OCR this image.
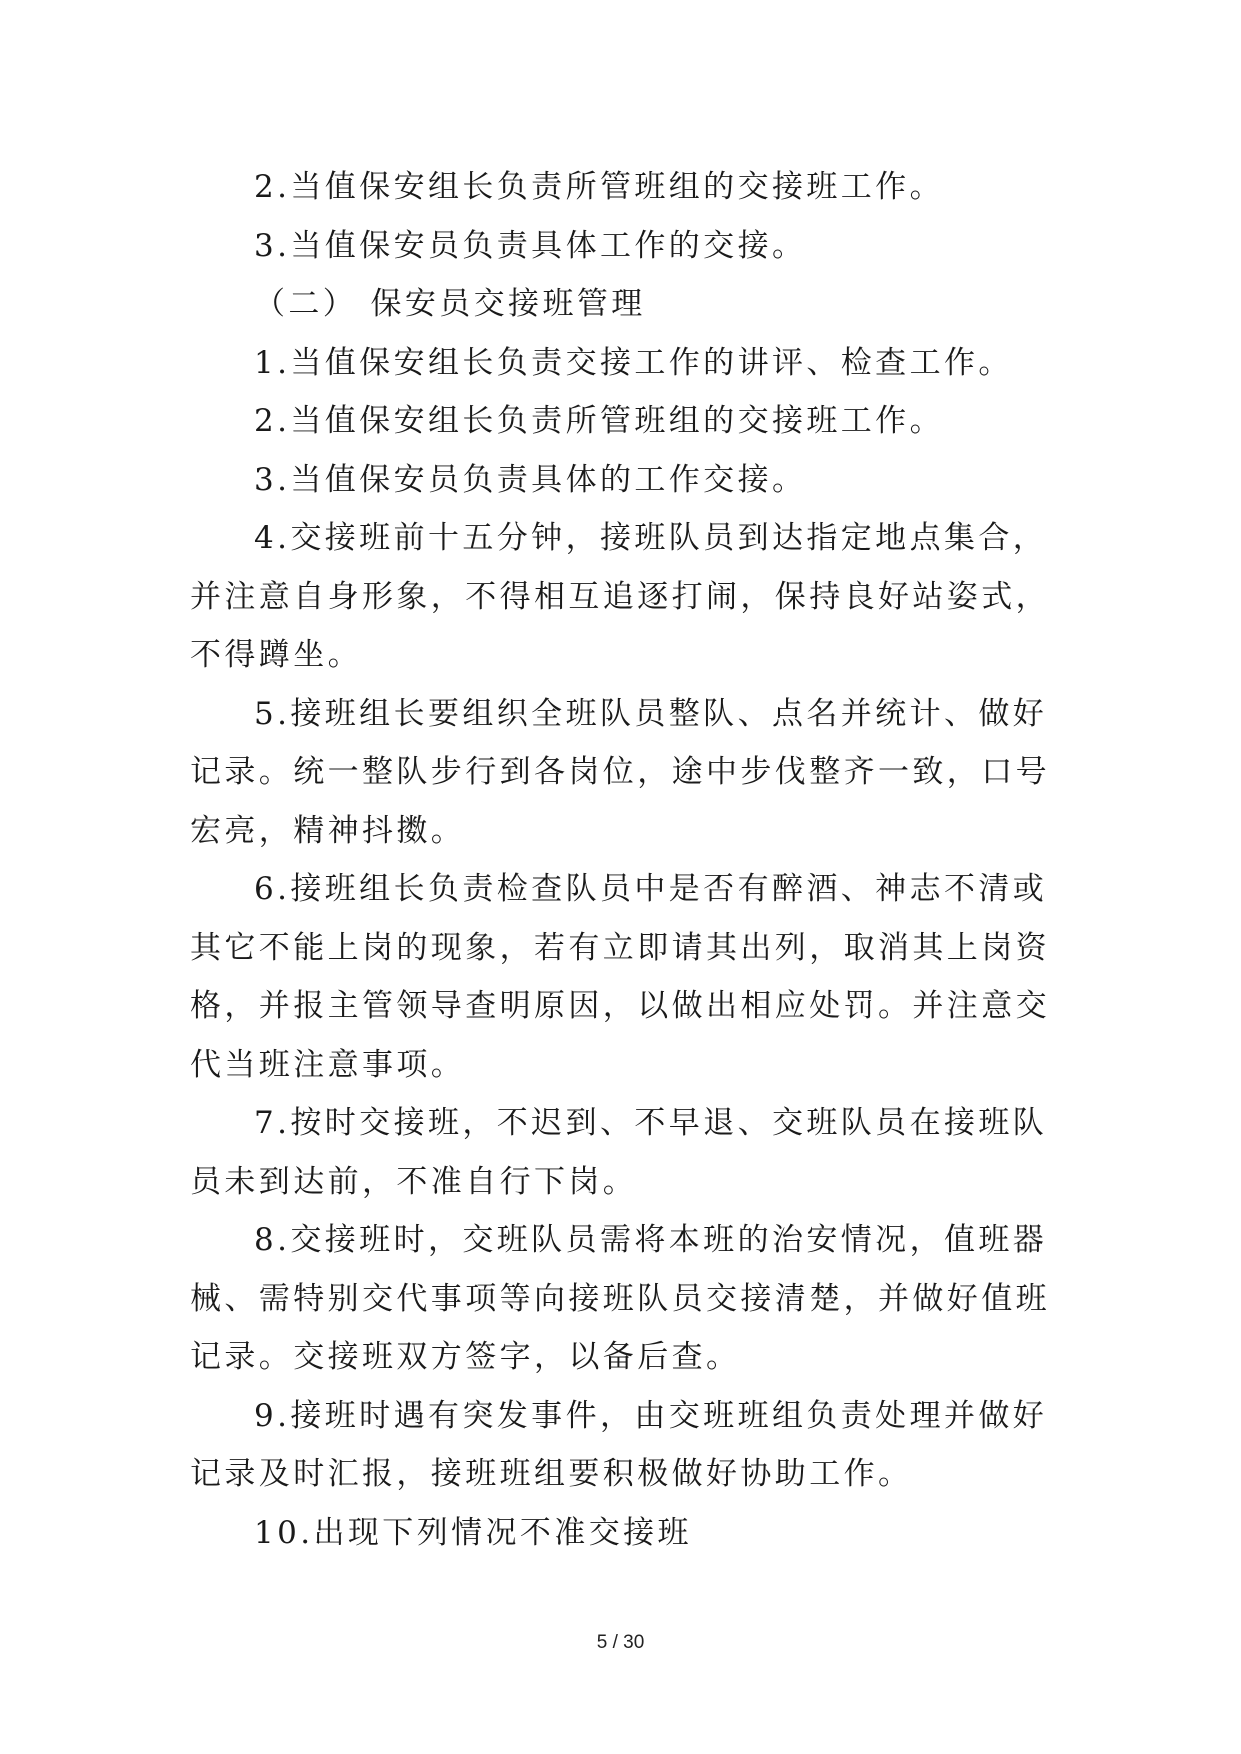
2.当值保安组长负责所管班组的交接班工作。

3.当值保安员负责具体工作的交接。

（二） 保安员交接班管理

1.当值保安组长负责交接工作的讲评、检查工作。

2.当值保安组长负责所管班组的交接班工作。

3.当值保安员负责具体的工作交接。

4.交接班前十五分钟，接班队员到达指定地点集合，并注意自身形象，不得相互追逐打闹，保持良好站姿式，不得蹲坐。

5.接班组长要组织全班队员整队、点名并统计、做好记录。统一整队步行到各岗位，途中步伐整齐一致，口号宏亮，精神抖擞。

6.接班组长负责检查队员中是否有醉酒、神志不清或其它不能上岗的现象，若有立即请其出列，取消其上岗资格，并报主管领导查明原因，以做出相应处罚。并注意交代当班注意事项。

7.按时交接班，不迟到、不早退、交班队员在接班队员未到达前，不准自行下岗。

8.交接班时，交班队员需将本班的治安情况，值班器械、需特别交代事项等向接班队员交接清楚，并做好值班记录。交接班双方签字，以备后查。

9.接班时遇有突发事件，由交班班组负责处理并做好记录及时汇报，接班班组要积极做好协助工作。

10.出现下列情况不准交接班

5 / 30
